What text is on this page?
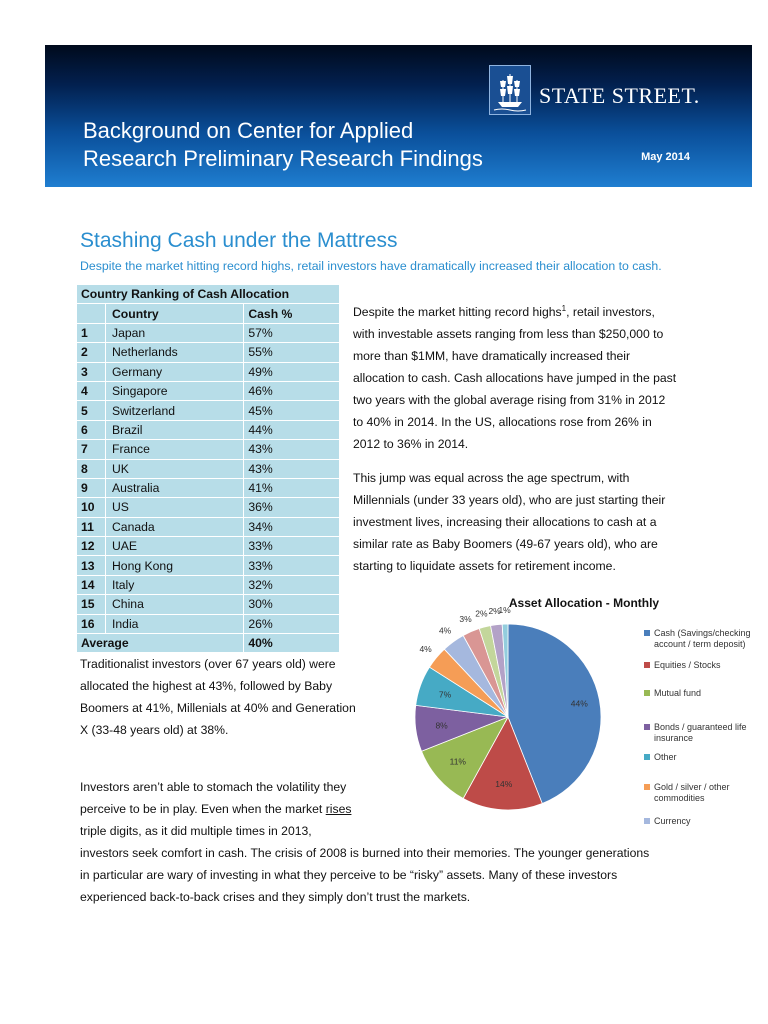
STATE STREET.
Background on Center for Applied
Research Preliminary Research Findings	May 2014
Stashing Cash under the Mattress
Despite the market hitting record highs, retail investors have dramatically increased their allocation to cash.
Country Ranking of Cash Allocation		
	Country	Cash %
1	Japan	57%
2	Netherlands	55%
3	Germany	49%
4	Singapore	46%
5	Switzerland	45%
6	Brazil	44%
7	France	43%
8	UK	43%
9	Australia	41%
10	US	36%
11	Canada	34%
12	UAE	33%
13	Hong Kong	33%
14	Italy	32%
15	China	30%
16	India	26%
Average		40%
Despite the market hitting record highs$^1$, retail investors,
with investable assets ranging from less than $250,000 to
more than $1MM, have dramatically increased their
allocation to cash. Cash allocations have jumped in the past
two years with the global average rising from 31% in 2012
to 40% in 2014. In the US, allocations rose from 26% in
2012 to 36% in 2014.
This jump was equal across the age spectrum, with
Millennials (under 33 years old), who are just starting their
investment lives, increasing their allocations to cash at a
similar rate as Baby Boomers (49-67 years old), who are
starting to liquidate assets for retirement income.
Traditionalist investors (over 67 years old) were
allocated the highest at 43%, followed by Baby
Boomers at 41%, Millenials at 40% and Generation
X (33-48 years old) at 38%.
Investors aren’t able to stomach the volatility they
perceive to be in play. Even when the market rises
triple digits, as it did multiple times in 2013,
investors seek comfort in cash. The crisis of 2008 is burned into their memories. The younger generations
in particular are wary of investing in what they perceive to be “risky” assets. Many of these investors
experienced back-to-back crises and they simply don’t trust the markets.
Asset Allocation - Monthly
44%
14%
11%
8%
7%
4%
4%
3%
2% 2%
1%
Cash (Savings/checking account / term deposit)
Equities / Stocks
Mutual fund
Bonds / guaranteed life insurance
Other
Gold / silver / other commodities
Currency
